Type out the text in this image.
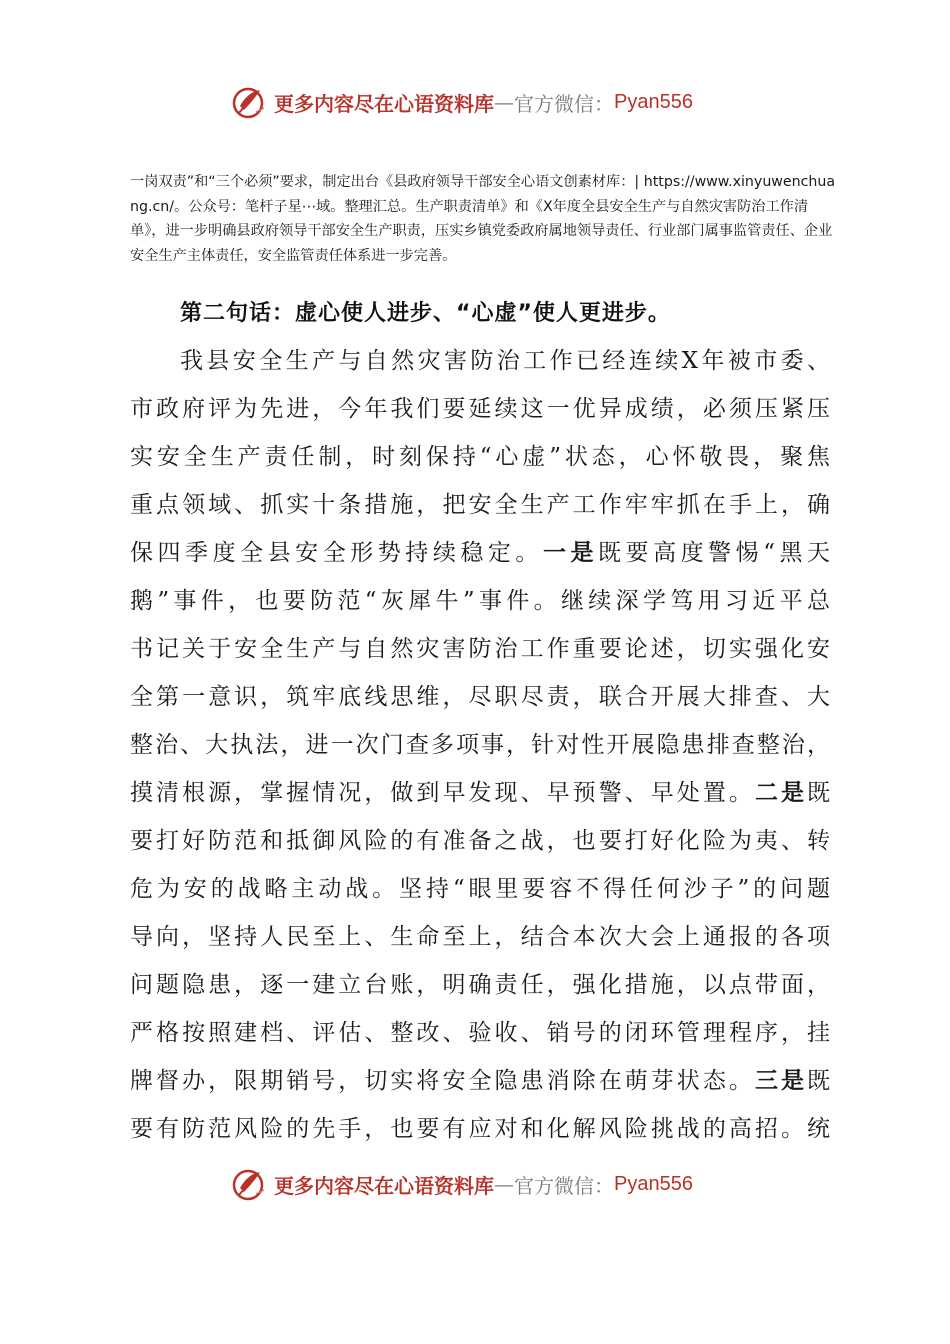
更多内容尽在心语资料库 — 官方微信： Pyan556

一岗双责”和“三个必须”要求，制定出台《县政府领导干部安全心语文创素材库：| https://www.xinyuwenchuang.cn/。公众号：笔杆子星⋯域。整理汇总。生产职责清单》和《X年度全县安全生产与自然灾害防治工作清单》，进一步明确县政府领导干部安全生产职责，压实乡镇党委政府属地领导责任、行业部门属事监管责任、企业安全生产主体责任，安全监管责任体系进一步完善。

第二句话：虚心使人进步、“心虚”使人更进步。

我县安全生产与自然灾害防治工作已经连续X年被市委、

市政府评为先进，今年我们要延续这一优异成绩，必须压紧压

实安全生产责任制，时刻保持“心虚”状态，心怀敬畏，聚焦

重点领域、抓实十条措施，把安全生产工作牢牢抓在手上，确

保四季度全县安全形势持续稳定。一是既要高度警惕“黑天

鹅”事件，也要防范“灰犀牛”事件。继续深学笃用习近平总

书记关于安全生产与自然灾害防治工作重要论述，切实强化安

全第一意识，筑牢底线思维，尽职尽责，联合开展大排查、大

整治、大执法，进一次门查多项事，针对性开展隐患排查整治，

摸清根源，掌握情况，做到早发现、早预警、早处置。二是既

要打好防范和抵御风险的有准备之战，也要打好化险为夷、转

危为安的战略主动战。坚持“眼里要容不得任何沙子”的问题

导向，坚持人民至上、生命至上，结合本次大会上通报的各项

问题隐患，逐一建立台账，明确责任，强化措施，以点带面，

严格按照建档、评估、整改、验收、销号的闭环管理程序，挂

牌督办，限期销号，切实将安全隐患消除在萌芽状态。三是既

要有防范风险的先手，也要有应对和化解风险挑战的高招。统

更多内容尽在心语资料库 — 官方微信： Pyan556
